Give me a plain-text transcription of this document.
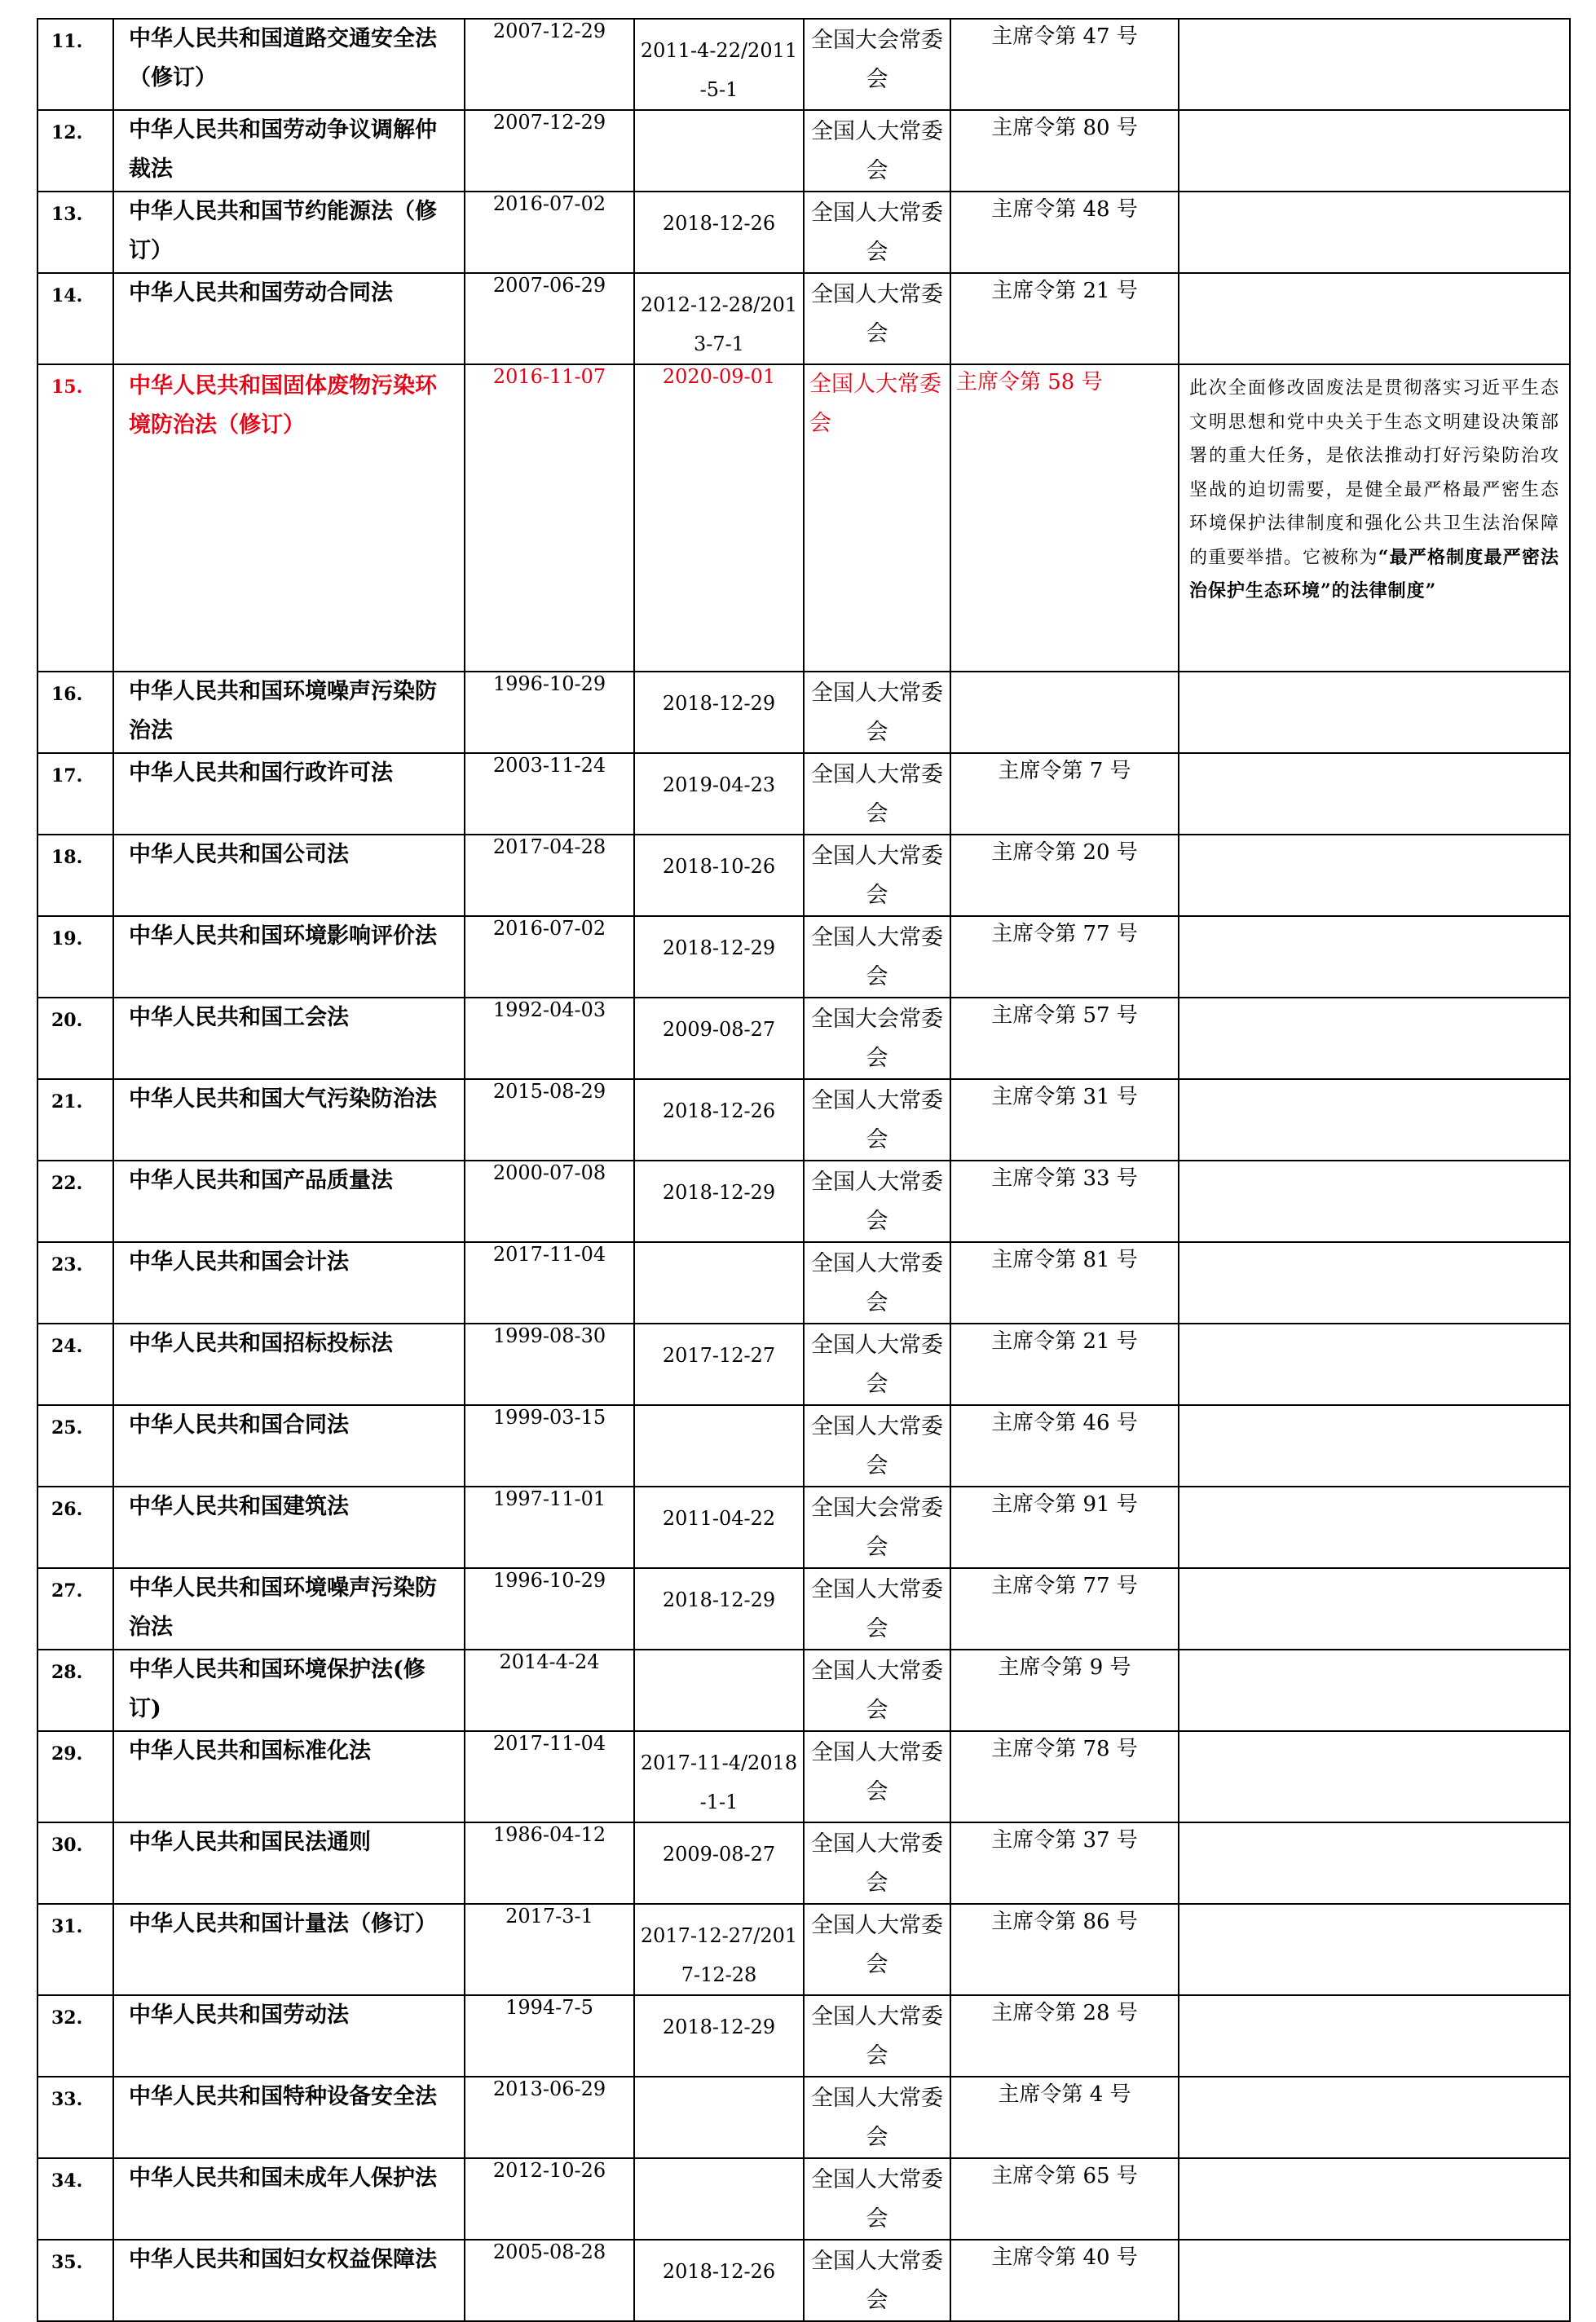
11.	中华人民共和国道路交通安全法（修订）	2007-12-29	2011-4-22/2011-5-1	全国大会常委会	主席令第 47 号	

12.	中华人民共和国劳动争议调解仲裁法	2007-12-29		全国人大常委会	主席令第 80 号	

13.	中华人民共和国节约能源法（修订）	2016-07-02	2018-12-26	全国人大常委会	主席令第 48 号	

14.	中华人民共和国劳动合同法	2007-06-29	2012-12-28/2013-7-1	全国人大常委会	主席令第 21 号	

15.	中华人民共和国固体废物污染环境防治法（修订）	2016-11-07	2020-09-01	全国人大常委会	主席令第 58 号	此次全面修改固废法是贯彻落实习近平生态文明思想和党中央关于生态文明建设决策部署的重大任务，是依法推动打好污染防治攻坚战的迫切需要，是健全最严格最严密生态环境保护法律制度和强化公共卫生法治保障的重要举措。它被称为“最严格制度最严密法治保护生态环境”的法律制度”

16.	中华人民共和国环境噪声污染防治法	1996-10-29	2018-12-29	全国人大常委会		

17.	中华人民共和国行政许可法	2003-11-24	2019-04-23	全国人大常委会	主席令第 7 号	

18.	中华人民共和国公司法	2017-04-28	2018-10-26	全国人大常委会	主席令第 20 号	

19.	中华人民共和国环境影响评价法	2016-07-02	2018-12-29	全国人大常委会	主席令第 77 号	

20.	中华人民共和国工会法	1992-04-03	2009-08-27	全国大会常委会	主席令第 57 号	

21.	中华人民共和国大气污染防治法	2015-08-29	2018-12-26	全国人大常委会	主席令第 31 号	

22.	中华人民共和国产品质量法	2000-07-08	2018-12-29	全国人大常委会	主席令第 33 号	

23.	中华人民共和国会计法	2017-11-04		全国人大常委会	主席令第 81 号	

24.	中华人民共和国招标投标法	1999-08-30	2017-12-27	全国人大常委会	主席令第 21 号	

25.	中华人民共和国合同法	1999-03-15		全国人大常委会	主席令第 46 号	

26.	中华人民共和国建筑法	1997-11-01	2011-04-22	全国大会常委会	主席令第 91 号	

27.	中华人民共和国环境噪声污染防治法	1996-10-29	2018-12-29	全国人大常委会	主席令第 77 号	

28.	中华人民共和国环境保护法(修订)	2014-4-24		全国人大常委会	主席令第 9 号	

29.	中华人民共和国标准化法	2017-11-04	2017-11-4/2018-1-1	全国人大常委会	主席令第 78 号	

30.	中华人民共和国民法通则	1986-04-12	2009-08-27	全国人大常委会	主席令第 37 号	

31.	中华人民共和国计量法（修订）	2017-3-1	2017-12-27/2017-12-28	全国人大常委会	主席令第 86 号	

32.	中华人民共和国劳动法	1994-7-5	2018-12-29	全国人大常委会	主席令第 28 号	

33.	中华人民共和国特种设备安全法	2013-06-29		全国人大常委会	主席令第 4 号	

34.	中华人民共和国未成年人保护法	2012-10-26		全国人大常委会	主席令第 65 号	

35.	中华人民共和国妇女权益保障法	2005-08-28	2018-12-26	全国人大常委会	主席令第 40 号	
